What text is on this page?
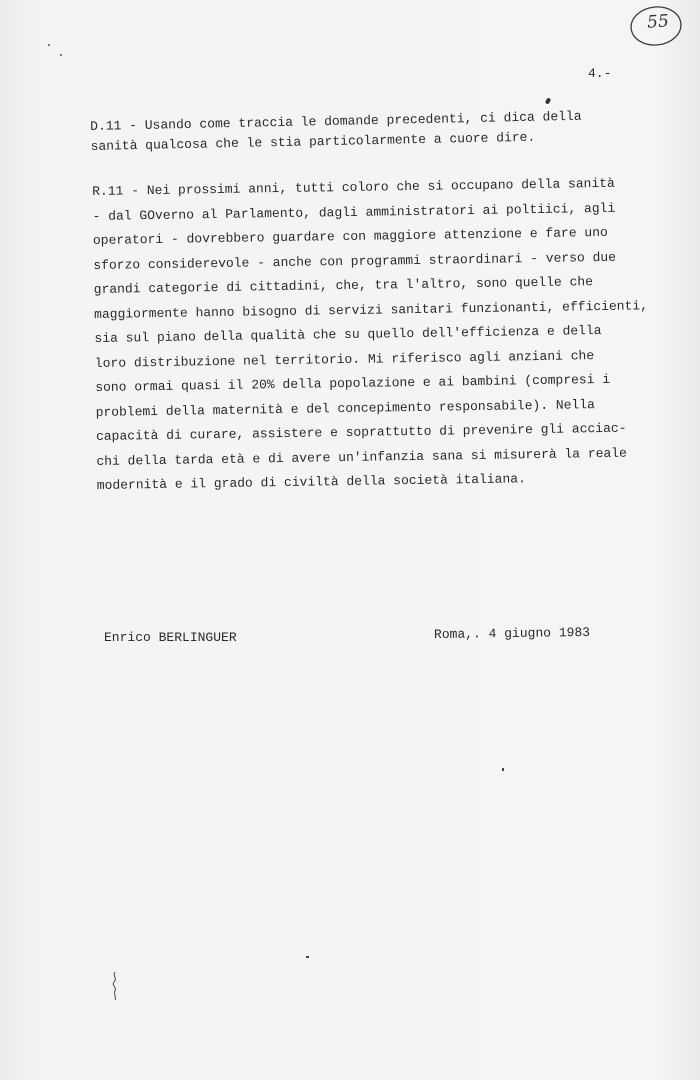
55
4.-
D.11 - Usando come traccia le domande precedenti, ci dica della
sanità qualcosa che le stia particolarmente a cuore dire.
R.11 - Nei prossimi anni, tutti coloro che si occupano della sanità
- dal GOverno al Parlamento, dagli amministratori ai poltiici, agli
operatori - dovrebbero guardare con maggiore attenzione e fare uno
sforzo considerevole - anche con programmi straordinari - verso due
grandi categorie di cittadini, che, tra l'altro, sono quelle che
maggiormente hanno bisogno di servizi sanitari funzionanti, efficienti,
sia sul piano della qualità che su quello dell'efficienza e della
loro distribuzione nel territorio. Mi riferisco agli anziani che
sono ormai quasi il 20% della popolazione e ai bambini (compresi i
problemi della maternità e del concepimento responsabile). Nella
capacità di curare, assistere e soprattutto di prevenire gli acciac-
chi della tarda età e di avere un'infanzia sana si misurerà la reale
modernità e il grado di civiltà della società italiana.
Enrico BERLINGUER	Roma,. 4 giugno 1983
